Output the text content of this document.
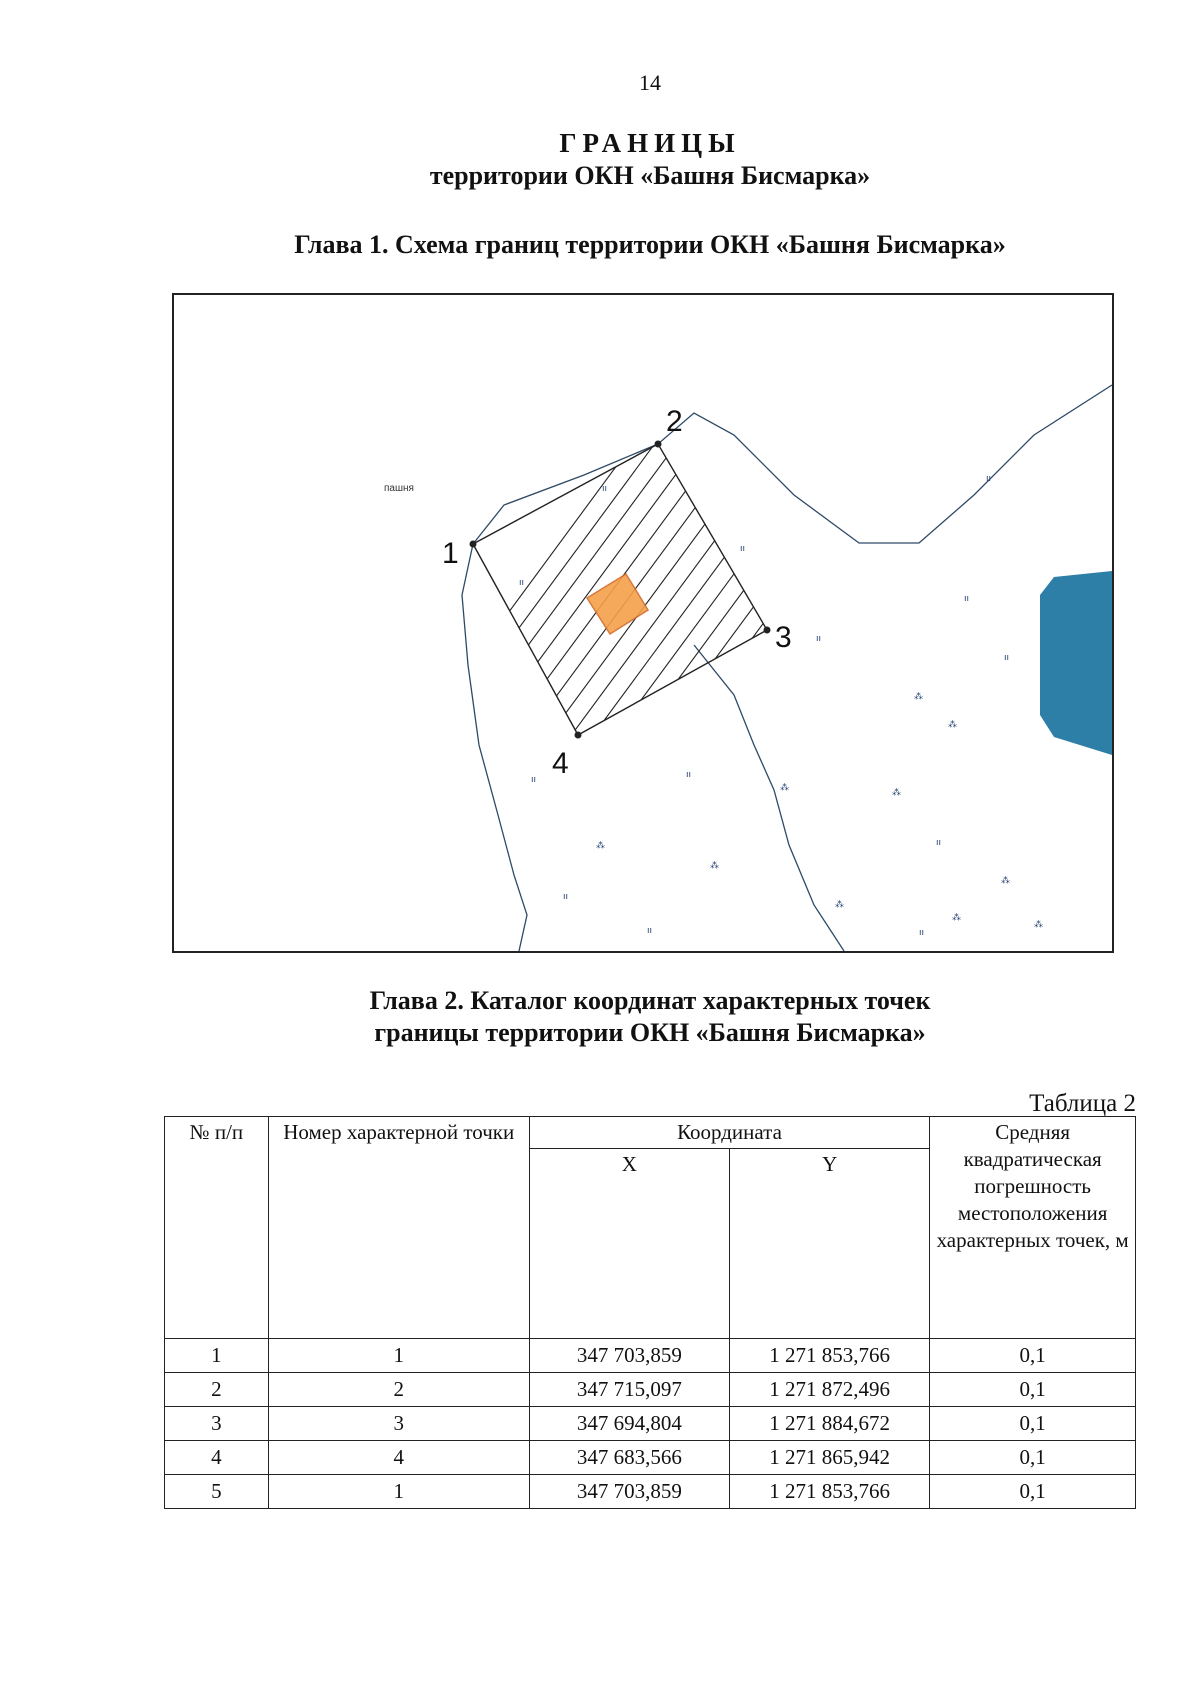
14
ГРАНИЦЫ
территории ОКН «Башня Бисмарка»
Глава 1. Схема границ территории ОКН «Башня Бисмарка»
ıı
ıı
ıı
ıı
ıı
ıı
ıı
ıı	ıı
ıı
ıı
ıı	ıı
⁂
⁂
⁂	⁂
⁂
⁂
⁂
⁂
⁂
⁂
1
2
3
4
пашня
Глава 2. Каталог координат характерных точек
границы территории ОКН «Башня Бисмарка»
Таблица 2
№ п/п	Номер характерной точки	Координата		Средняя квадратическая погрешность местоположения характерных точек, м
		X	Y	
1	1	347 703,859	1 271 853,766	0,1
2	2	347 715,097	1 271 872,496	0,1
3	3	347 694,804	1 271 884,672	0,1
4	4	347 683,566	1 271 865,942	0,1
5	1	347 703,859	1 271 853,766	0,1
